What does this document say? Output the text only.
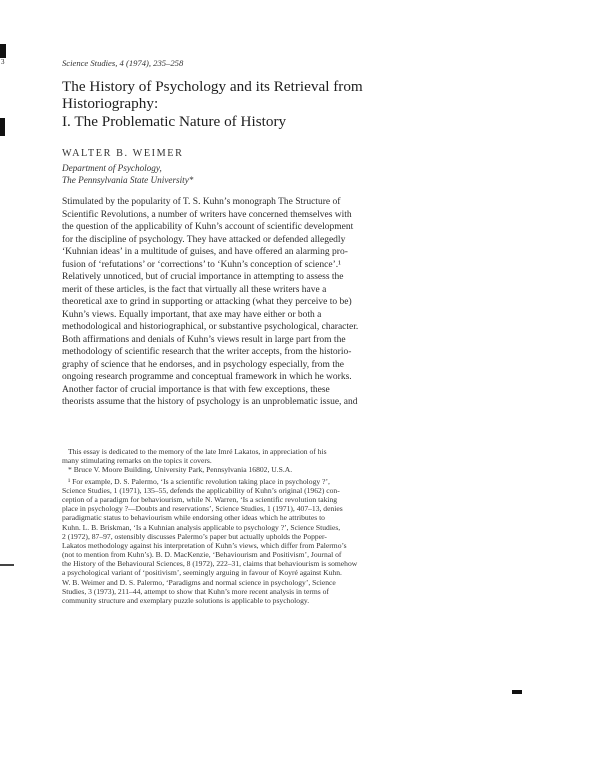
3	Science Studies, 4 (1974), 235–258
The History of Psychology and its Retrieval from
Historiography:
I. The Problematic Nature of History
WALTER B. WEIMER
Department of Psychology,
The Pennsylvania State University*
Stimulated by the popularity of T. S. Kuhn’s monograph The Structure of
Scientific Revolutions, a number of writers have concerned themselves with
the question of the applicability of Kuhn’s account of scientific development
for the discipline of psychology. They have attacked or defended allegedly
‘Kuhnian ideas’ in a multitude of guises, and have offered an alarming pro-
fusion of ‘refutations’ or ‘corrections’ to ‘Kuhn’s conception of science’.¹
Relatively unnoticed, but of crucial importance in attempting to assess the
merit of these articles, is the fact that virtually all these writers have a
theoretical axe to grind in supporting or attacking (what they perceive to be)
Kuhn’s views. Equally important, that axe may have either or both a
methodological and historiographical, or substantive psychological, character.
Both affirmations and denials of Kuhn’s views result in large part from the
methodology of scientific research that the writer accepts, from the historio-
graphy of science that he endorses, and in psychology especially, from the
ongoing research programme and conceptual framework in which he works.
Another factor of crucial importance is that with few exceptions, these
theorists assume that the history of psychology is an unproblematic issue, and
This essay is dedicated to the memory of the late Imré Lakatos, in appreciation of his
many stimulating remarks on the topics it covers.
* Bruce V. Moore Building, University Park, Pennsylvania 16802, U.S.A.
¹ For example, D. S. Palermo, ‘Is a scientific revolution taking place in psychology ?’,
Science Studies, 1 (1971), 135–55, defends the applicability of Kuhn’s original (1962) con-
ception of a paradigm for behaviourism, while N. Warren, ‘Is a scientific revolution taking
place in psychology ?—Doubts and reservations’, Science Studies, 1 (1971), 407–13, denies
paradigmatic status to behaviourism while endorsing other ideas which he attributes to
Kuhn. L. B. Briskman, ‘Is a Kuhnian analysis applicable to psychology ?’, Science Studies,
2 (1972), 87–97, ostensibly discusses Palermo’s paper but actually upholds the Popper-
Lakatos methodology against his interpretation of Kuhn’s views, which differ from Palermo’s
(not to mention from Kuhn’s). B. D. MacKenzie, ‘Behaviourism and Positivism’, Journal of
the History of the Behavioural Sciences, 8 (1972), 222–31, claims that behaviourism is somehow
a psychological variant of ‘positivism’, seemingly arguing in favour of Koyré against Kuhn.
W. B. Weimer and D. S. Palermo, ‘Paradigms and normal science in psychology’, Science
Studies, 3 (1973), 211–44, attempt to show that Kuhn’s more recent analysis in terms of
community structure and exemplary puzzle solutions is applicable to psychology.
